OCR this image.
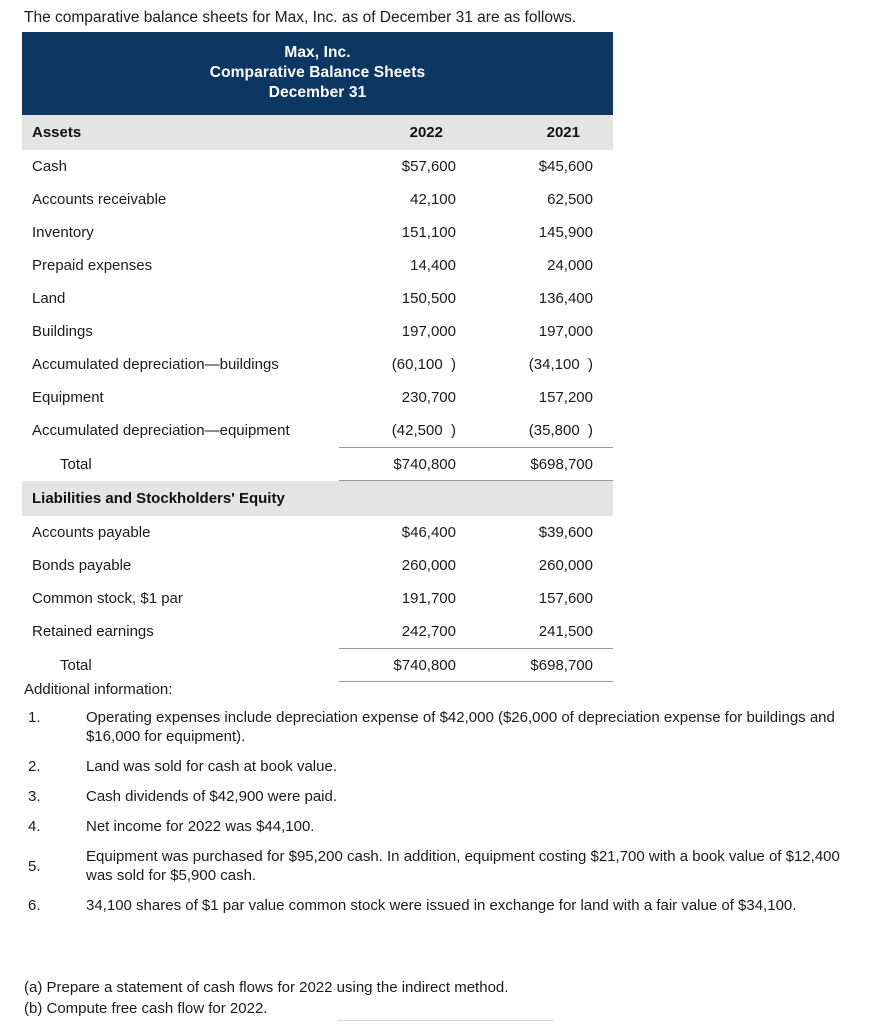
The comparative balance sheets for Max, Inc. as of December 31 are as follows.
Max, Inc.
Comparative Balance Sheets
December 31		

Assets	2022	2021
Cash	$57,600	$45,600
Accounts receivable	42,100	62,500
Inventory	151,100	145,900
Prepaid expenses	14,400	24,000
Land	150,500	136,400
Buildings	197,000	197,000
Accumulated depreciation—buildings	(60,100  )	(34,100  )
Equipment	230,700	157,200
Accumulated depreciation—equipment	(42,500  )	(35,800  )
Total	$740,800	$698,700
Liabilities and Stockholders' Equity		
Accounts payable	$46,400	$39,600
Bonds payable	260,000	260,000
Common stock, $1 par	191,700	157,600
Retained earnings	242,700	241,500
Total	$740,800	$698,700
Additional information:
1.	Operating expenses include depreciation expense of $42,000 ($26,000 of depreciation expense for buildings and $16,000 for equipment).
2.	Land was sold for cash at book value.
3.	Cash dividends of $42,900 were paid.
4.	Net income for 2022 was $44,100.
5.
Equipment was purchased for $95,200 cash. In addition, equipment costing $21,700 with a book value of $12,400 was sold for $5,900 cash.
6.	34,100 shares of $1 par value common stock were issued in exchange for land with a fair value of $34,100.
(a) Prepare a statement of cash flows for 2022 using the indirect method.
(b) Compute free cash flow for 2022.
